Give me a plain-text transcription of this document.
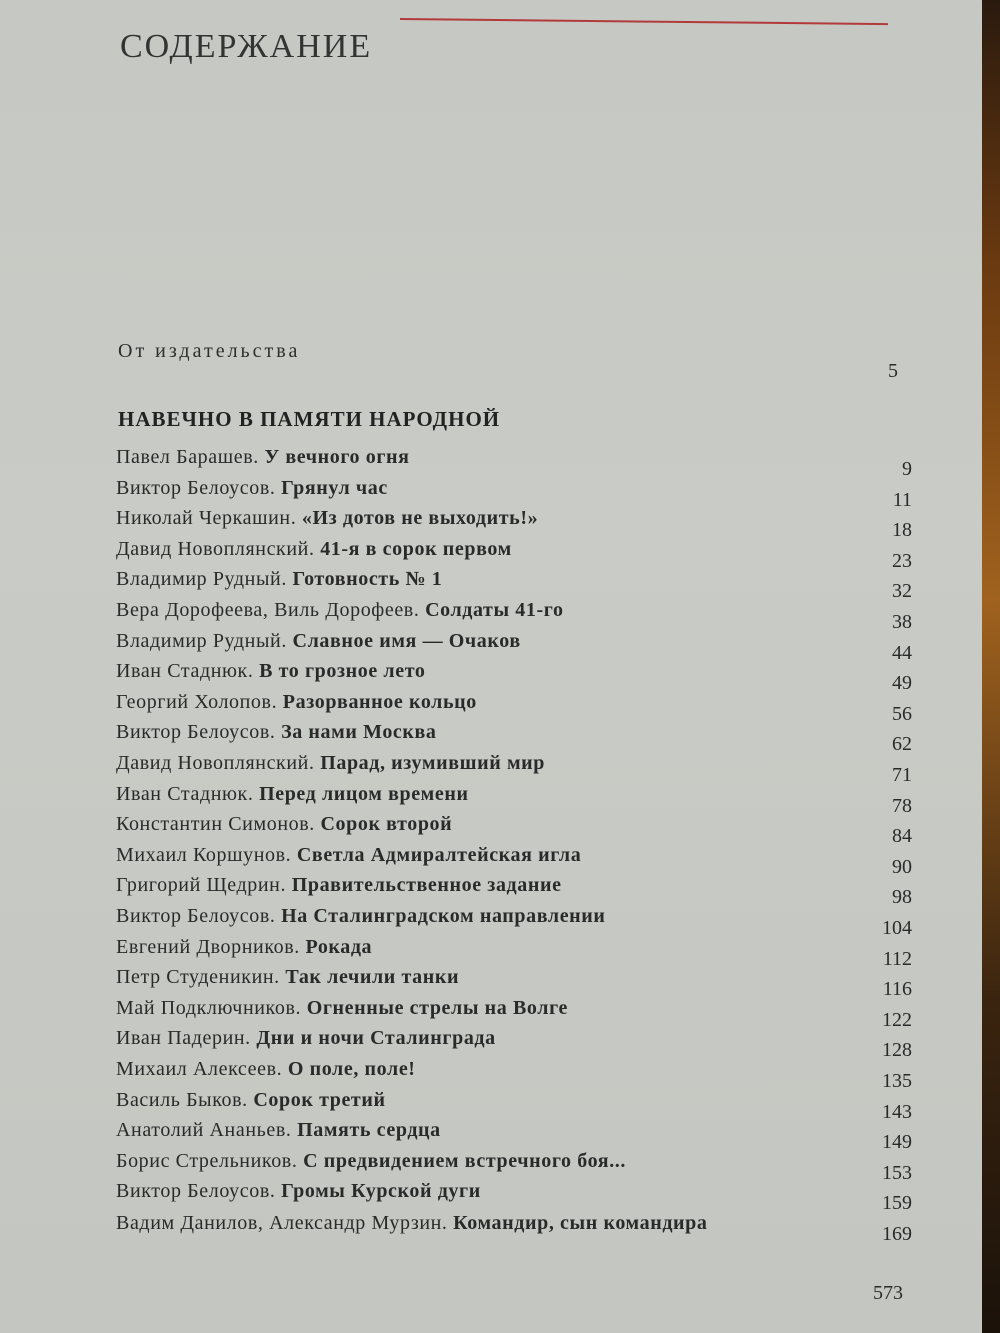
СОДЕРЖАНИЕ
От издательства
5
НАВЕЧНО В ПАМЯТИ НАРОДНОЙ
Павел Барашев. У вечного огня
9
Виктор Белоусов. Грянул час
11
Николай Черкашин. «Из дотов не выходить!»
18
Давид Новоплянский. 41-я в сорок первом
23
Владимир Рудный. Готовность № 1
32
Вера Дорофеева, Виль Дорофеев. Солдаты 41-го
38
Владимир Рудный. Славное имя — Очаков
44
Иван Стаднюк. В то грозное лето
49
Георгий Холопов. Разорванное кольцо
56
Виктор Белоусов. За нами Москва
62
Давид Новоплянский. Парад, изумивший мир
71
Иван Стаднюк. Перед лицом времени
78
Константин Симонов. Сорок второй
84
Михаил Коршунов. Светла Адмиралтейская игла
90
Григорий Щедрин. Правительственное задание
98
Виктор Белоусов. На Сталинградском направлении
104
Евгений Дворников. Рокада
112
Петр Студеникин. Так лечили танки
116
Май Подключников. Огненные стрелы на Волге
122
Иван Падерин. Дни и ночи Сталинграда
128
Михаил Алексеев. О поле, поле!
135
Василь Быков. Сорок третий
143
Анатолий Ананьев. Память сердца
149
Борис Стрельников. С предвидением встречного боя...
153
Виктор Белоусов. Громы Курской дуги
159
Вадим Данилов, Александр Мурзин. Командир, сын командира	169
573
